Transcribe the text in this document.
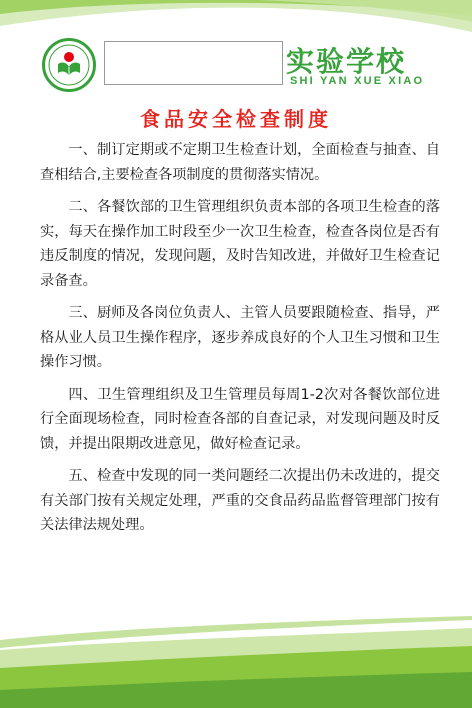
实验学校
SHI YAN XUE XIAO
食品安全检查制度

一、制订定期或不定期卫生检查计划，全面检查与抽查、自查相结合,主要检查各项制度的贯彻落实情况。

二、各餐饮部的卫生管理组织负责本部的各项卫生检查的落实，每天在操作加工时段至少一次卫生检查，检查各岗位是否有违反制度的情况，发现问题，及时告知改进，并做好卫生检查记录备查。

三、厨师及各岗位负责人、主管人员要跟随检查、指导，严格从业人员卫生操作程序，逐步养成良好的个人卫生习惯和卫生操作习惯。

四、卫生管理组织及卫生管理员每周1-2次对各餐饮部位进行全面现场检查，同时检查各部的自查记录，对发现问题及时反馈，并提出限期改进意见，做好检查记录。

五、检查中发现的同一类问题经二次提出仍未改进的，提交有关部门按有关规定处理，严重的交食品药品监督管理部门按有关法律法规处理。
